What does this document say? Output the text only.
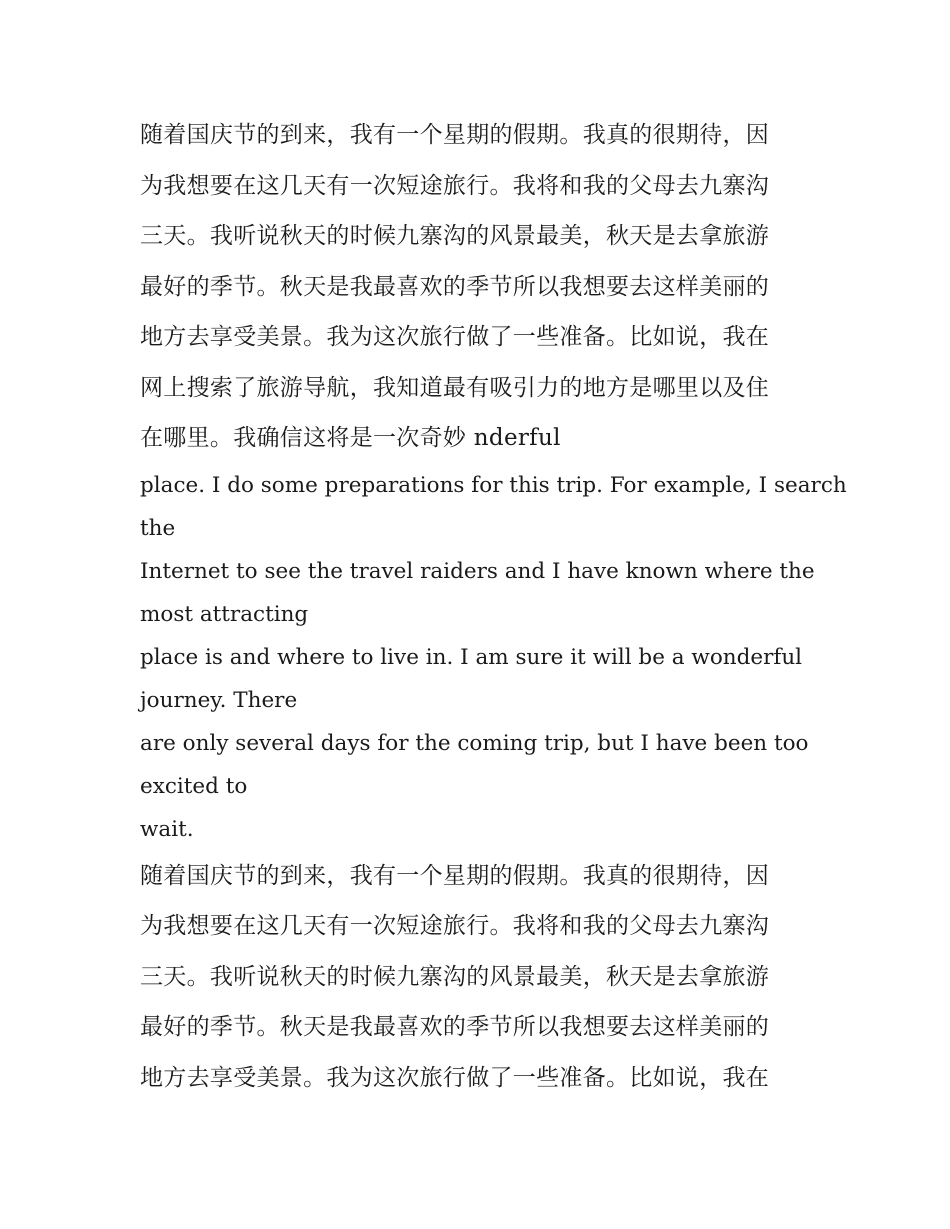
随着国庆节的到来，我有一个星期的假期。我真的很期待，因
为我想要在这几天有一次短途旅行。我将和我的父母去九寨沟
三天。我听说秋天的时候九寨沟的风景最美，秋天是去拿旅游
最好的季节。秋天是我最喜欢的季节所以我想要去这样美丽的
地方去享受美景。我为这次旅行做了一些准备。比如说，我在
网上搜索了旅游导航，我知道最有吸引力的地方是哪里以及住
在哪里。我确信这将是一次奇妙 nderful
place. I do some preparations for this trip. For example, I search
the
Internet to see the travel raiders and I have known where the
most attracting
place is and where to live in. I am sure it will be a wonderful
journey. There
are only several days for the coming trip, but I have been too
excited to
wait.
随着国庆节的到来，我有一个星期的假期。我真的很期待，因
为我想要在这几天有一次短途旅行。我将和我的父母去九寨沟
三天。我听说秋天的时候九寨沟的风景最美，秋天是去拿旅游
最好的季节。秋天是我最喜欢的季节所以我想要去这样美丽的
地方去享受美景。我为这次旅行做了一些准备。比如说，我在
